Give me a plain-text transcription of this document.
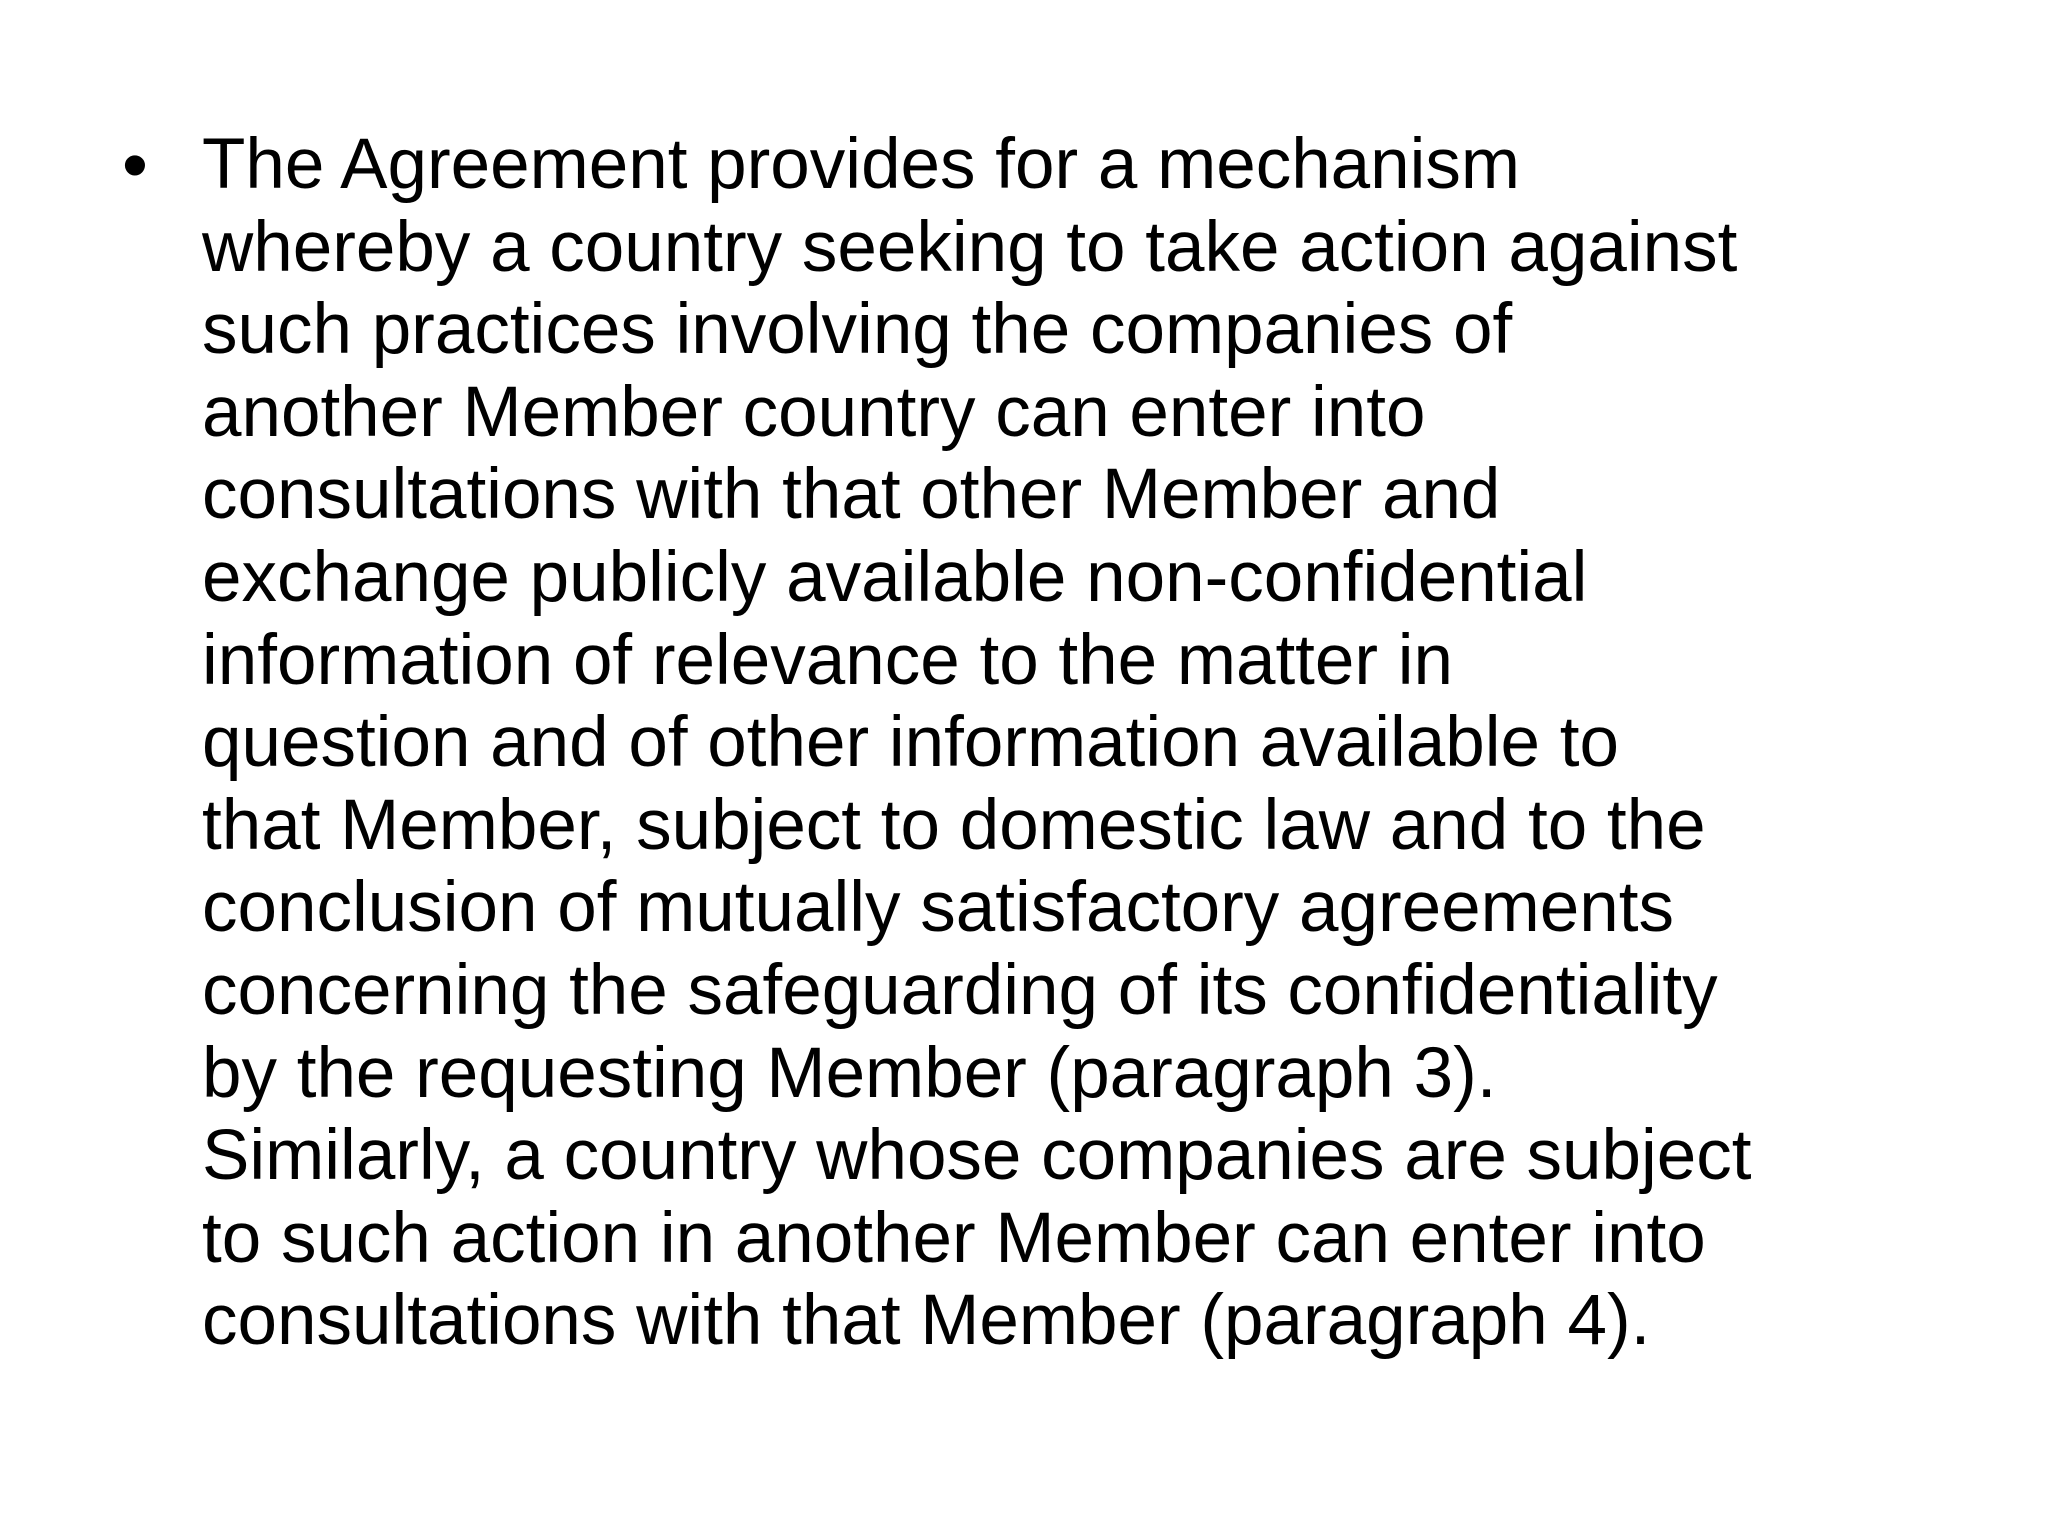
• The Agreement provides for a mechanism
whereby a country seeking to take action against
such practices involving the companies of
another Member country can enter into
consultations with that other Member and
exchange publicly available non-confidential
information of relevance to the matter in
question and of other information available to
that Member, subject to domestic law and to the
conclusion of mutually satisfactory agreements
concerning the safeguarding of its confidentiality
by the requesting Member (paragraph 3).
Similarly, a country whose companies are subject
to such action in another Member can enter into
consultations with that Member (paragraph 4).
